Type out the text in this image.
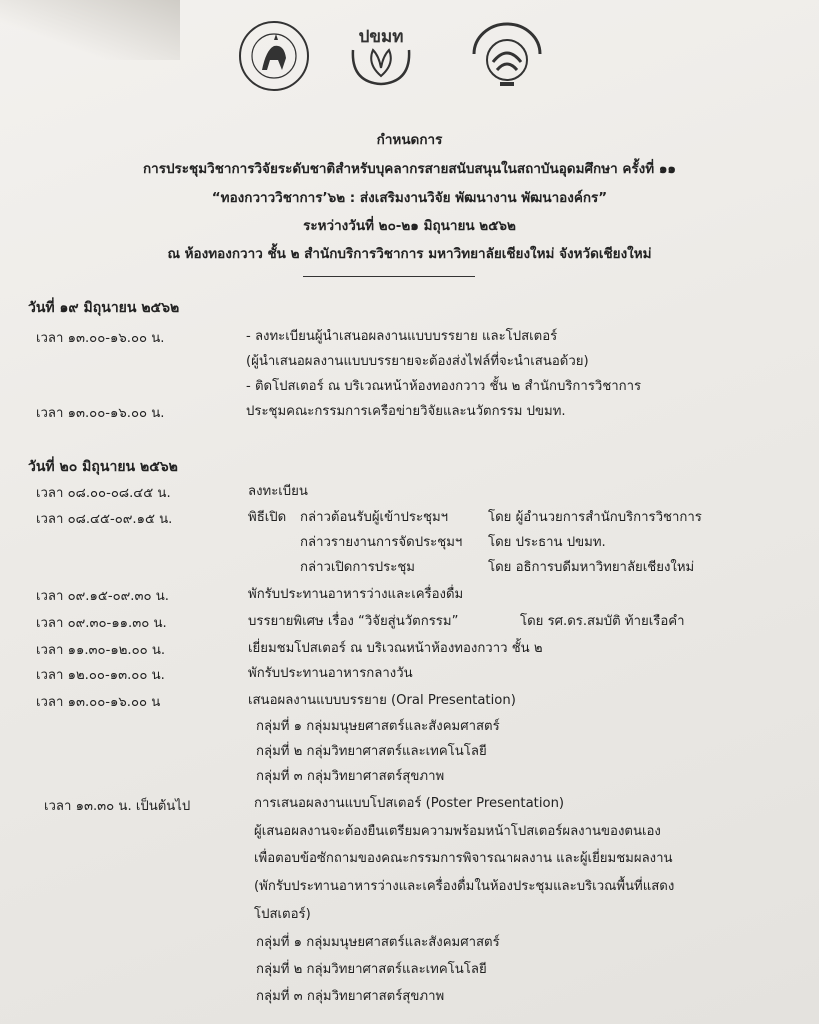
ปขมท
กำหนดการ
การประชุมวิชาการวิจัยระดับชาติสำหรับบุคลากรสายสนับสนุนในสถาบันอุดมศึกษา ครั้งที่ ๑๑
“ทองกวาววิชาการ’๖๒ : ส่งเสริมงานวิจัย พัฒนางาน พัฒนาองค์กร”
ระหว่างวันที่ ๒๐-๒๑ มิถุนายน ๒๕๖๒
ณ ห้องทองกวาว ชั้น ๒ สำนักบริการวิชาการ มหาวิทยาลัยเชียงใหม่ จังหวัดเชียงใหม่
วันที่ ๑๙ มิถุนายน ๒๕๖๒
เวลา ๑๓.๐๐-๑๖.๐๐ น.	- ลงทะเบียนผู้นำเสนอผลงานแบบบรรยาย และโปสเตอร์
(ผู้นำเสนอผลงานแบบบรรยายจะต้องส่งไฟล์ที่จะนำเสนอด้วย)
- ติดโปสเตอร์ ณ บริเวณหน้าห้องทองกวาว ชั้น ๒ สำนักบริการวิชาการ
เวลา ๑๓.๐๐-๑๖.๐๐ น.	ประชุมคณะกรรมการเครือข่ายวิจัยและนวัตกรรม ปขมท.
วันที่ ๒๐ มิถุนายน ๒๕๖๒
เวลา ๐๘.๐๐-๐๘.๔๕ น.	ลงทะเบียน
เวลา ๐๘.๔๕-๐๙.๑๕ น.	พิธีเปิด กล่าวต้อนรับผู้เข้าประชุมฯ	โดย ผู้อำนวยการสำนักบริการวิชาการ
กล่าวรายงานการจัดประชุมฯ โดย ประธาน ปขมท.
กล่าวเปิดการประชุม	โดย อธิการบดีมหาวิทยาลัยเชียงใหม่
เวลา ๐๙.๑๕-๐๙.๓๐ น.	พักรับประทานอาหารว่างและเครื่องดื่ม
เวลา ๐๙.๓๐-๑๑.๓๐ น.	บรรยายพิเศษ เรื่อง “วิจัยสู่นวัตกรรม”	โดย รศ.ดร.สมบัติ ท้ายเรือคำ
เวลา ๑๑.๓๐-๑๒.๐๐ น.	เยี่ยมชมโปสเตอร์ ณ บริเวณหน้าห้องทองกวาว ชั้น ๒
เวลา ๑๒.๐๐-๑๓.๐๐ น.	พักรับประทานอาหารกลางวัน
เวลา ๑๓.๐๐-๑๖.๐๐ น	เสนอผลงานแบบบรรยาย (Oral Presentation)
กลุ่มที่ ๑ กลุ่มมนุษยศาสตร์และสังคมศาสตร์
กลุ่มที่ ๒ กลุ่มวิทยาศาสตร์และเทคโนโลยี
กลุ่มที่ ๓ กลุ่มวิทยาศาสตร์สุขภาพ
เวลา ๑๓.๓๐ น. เป็นต้นไป	การเสนอผลงานแบบโปสเตอร์ (Poster Presentation)
ผู้เสนอผลงานจะต้องยืนเตรียมความพร้อมหน้าโปสเตอร์ผลงานของตนเอง
เพื่อตอบข้อซักถามของคณะกรรมการพิจารณาผลงาน และผู้เยี่ยมชมผลงาน
(พักรับประทานอาหารว่างและเครื่องดื่มในห้องประชุมและบริเวณพื้นที่แสดง
โปสเตอร์)
กลุ่มที่ ๑ กลุ่มมนุษยศาสตร์และสังคมศาสตร์
กลุ่มที่ ๒ กลุ่มวิทยาศาสตร์และเทคโนโลยี
กลุ่มที่ ๓ กลุ่มวิทยาศาสตร์สุขภาพ
